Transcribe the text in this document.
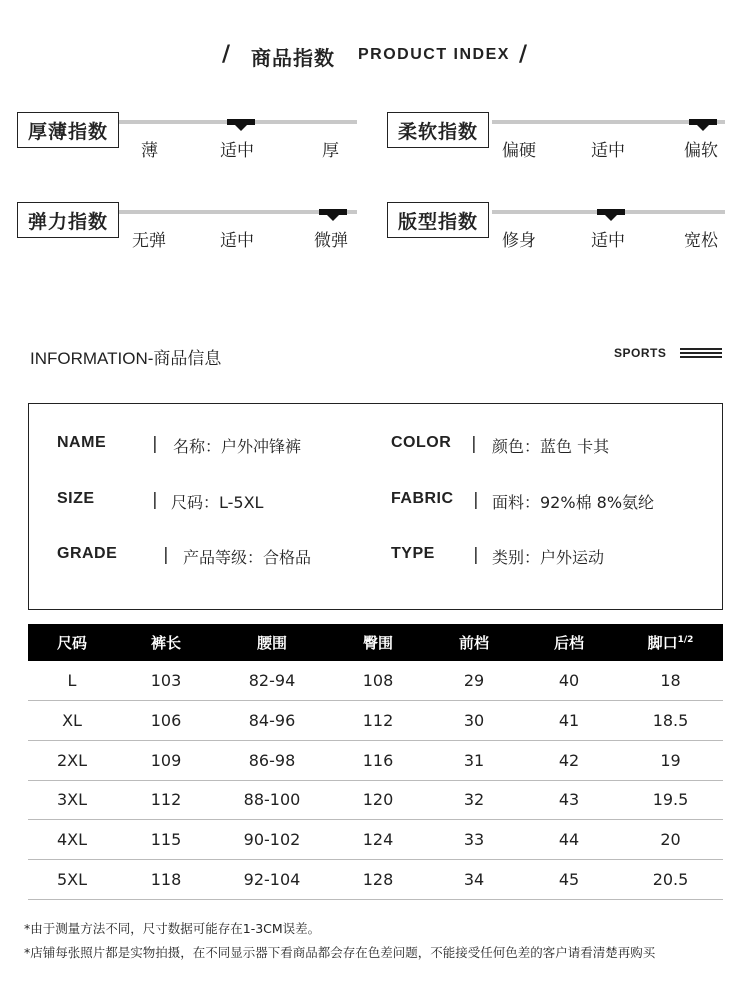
/ 商品指数 PRODUCT INDEX /
厚薄指数
薄	适中	厚
柔软指数
偏硬	适中	偏软
弹力指数
无弹	适中	微弹
版型指数
修身	适中	宽松
INFORMATION-商品信息	SPORTS
NAME	| 名称：户外冲锋裤	COLOR | 颜色：蓝色 卡其
SIZE	| 尺码：L-5XL	FABRIC | 面料：92%棉 8%氨纶
GRADE	| 产品等级：合格品	TYPE | 类别：户外运动
尺码	裤长	腰围	臀围	前档	后档	脚口$^{1/2}$
L	103	82-94	108	29	40	18
XL	106	84-96	112	30	41	18.5
2XL	109	86-98	116	31	42	19
3XL	112	88-100	120	32	43	19.5
4XL	115	90-102	124	33	44	20
5XL	118	92-104	128	34	45	20.5
*由于测量方法不同，尺寸数据可能存在1-3CM误差。
*店铺每张照片都是实物拍摄，在不同显示器下看商品都会存在色差问题，不能接受任何色差的客户请看清楚再购买
